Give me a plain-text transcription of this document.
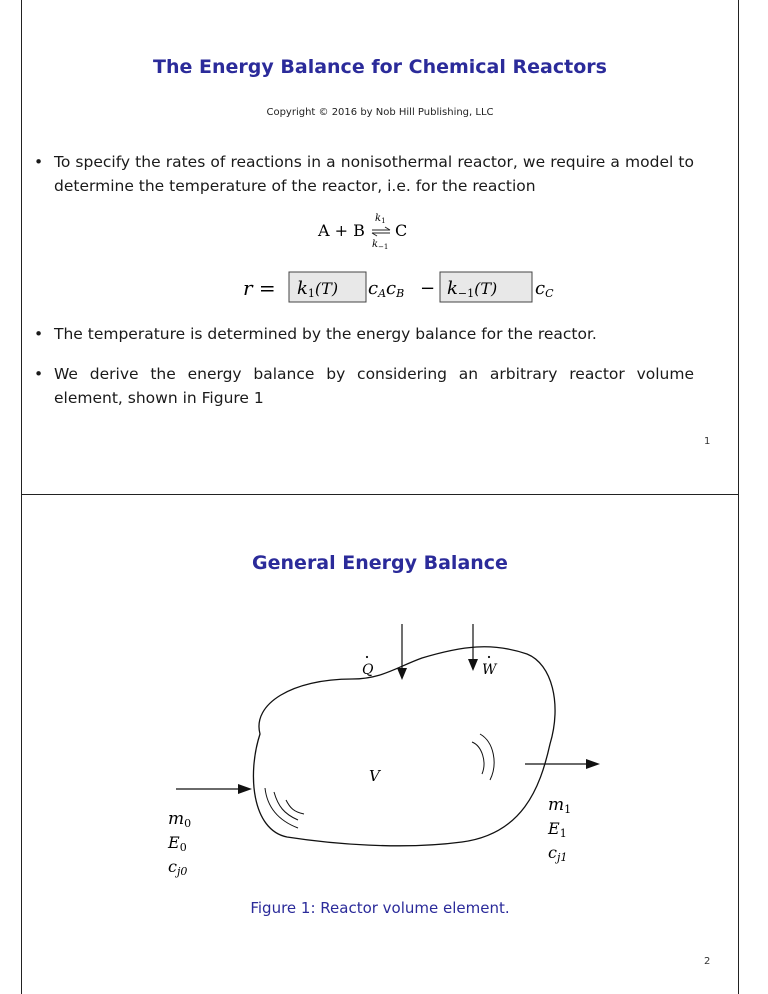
The Energy Balance for Chemical Reactors
Copyright © 2016 by Nob Hill Publishing, LLC
• To specify the rates of reactions in a nonisothermal reactor, we require a model to determine the temperature of the reactor, i.e. for the reaction
A + B
$k_1$
$k_{-1}$
C
r = k1(T) cAcB − k−1(T) cC
• The temperature is determined by the energy balance for the reactor.
• We derive the energy balance by considering an arbitrary reactor volume element, shown in Figure 1
1
General Energy Balance
Q	W
V
m0
E0
cj0
m1
E1
cj1
Figure 1: Reactor volume element.
2
